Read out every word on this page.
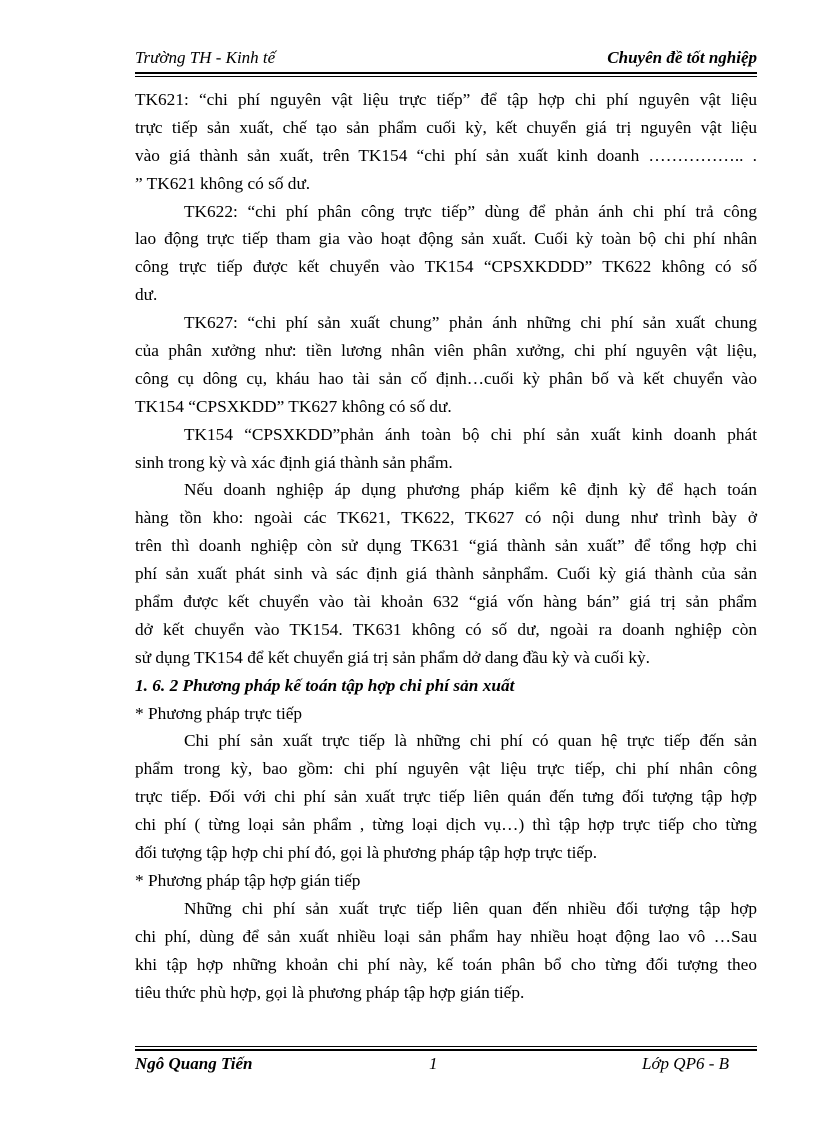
Trường TH - Kinh tế	Chuyên đề tốt nghiệp
TK621: “chi phí nguyên vật liệu trực tiếp” để tập hợp chi phí nguyên vật liệu
trực tiếp sản xuất, chế tạo sản phẩm cuối kỳ, kết chuyển giá trị nguyên vật liệu
vào giá thành sản xuất, trên TK154 “chi phí sản xuất kinh doanh …………….. .
” TK621 không có số dư.
TK622: “chi phí phân công trực tiếp” dùng để phản ánh chi phí trả công
lao động trực tiếp tham gia vào hoạt động sản xuất. Cuối kỳ toàn bộ chi phí nhân
công trực tiếp được kết chuyển vào TK154 “CPSXKDDD” TK622 không có số
dư.
TK627: “chi phí sản xuất chung” phản ánh những chi phí sản xuất chung
của phân xưởng như: tiền lương nhân viên phân xưởng, chi phí nguyên vật liệu,
công cụ dông cụ, kháu hao tài sản cố định…cuối kỳ phân bố và kết chuyển vào
TK154 “CPSXKDD” TK627 không có số dư.
TK154 “CPSXKDD”phản ánh toàn bộ chi phí sản xuất kinh doanh phát
sinh trong kỳ và xác định giá thành sản phẩm.
Nếu doanh nghiệp áp dụng phương pháp kiểm kê định kỳ để hạch toán
hàng tồn kho: ngoài các TK621, TK622, TK627 có nội dung như trình bày ở
trên thì doanh nghiệp còn sử dụng TK631 “giá thành sản xuất” để tổng hợp chi
phí sản xuất phát sinh và sác định giá thành sảnphẩm. Cuối kỳ giá thành của sản
phẩm được kết chuyển vào tài khoản 632 “giá vốn hàng bán” giá trị sản phẩm
dở kết chuyển vào TK154. TK631 không có số dư, ngoài ra doanh nghiệp còn
sử dụng TK154 để kết chuyển giá trị sản phẩm dở dang đầu kỳ và cuối kỳ.
1. 6. 2 Phương pháp kế toán tập hợp chi phí sản xuất
* Phương pháp trực tiếp
Chi phí sản xuất trực tiếp là những chi phí có quan hệ trực tiếp đến sản
phẩm trong kỳ, bao gồm: chi phí nguyên vật liệu trực tiếp, chi phí nhân công
trực tiếp. Đối với chi phí sản xuất trực tiếp liên quán đến tưng đối tượng tập hợp
chi phí ( từng loại sản phẩm , từng loại dịch vụ…) thì tập hợp trực tiếp cho từng
đối tượng tập hợp chi phí đó, gọi là phương pháp tập hợp trực tiếp.
* Phương pháp tập hợp gián tiếp
Những chi phí sản xuất trực tiếp liên quan đến nhiều đối tượng tập hợp
chi phí, dùng để sản xuất nhiều loại sản phẩm hay nhiều hoạt động lao vô …Sau
khi tập hợp những khoản chi phí này, kế toán phân bổ cho từng đối tượng theo
tiêu thức phù hợp, gọi là phương pháp tập hợp gián tiếp.
Ngô Quang Tiến	1	Lớp QP6 - B
